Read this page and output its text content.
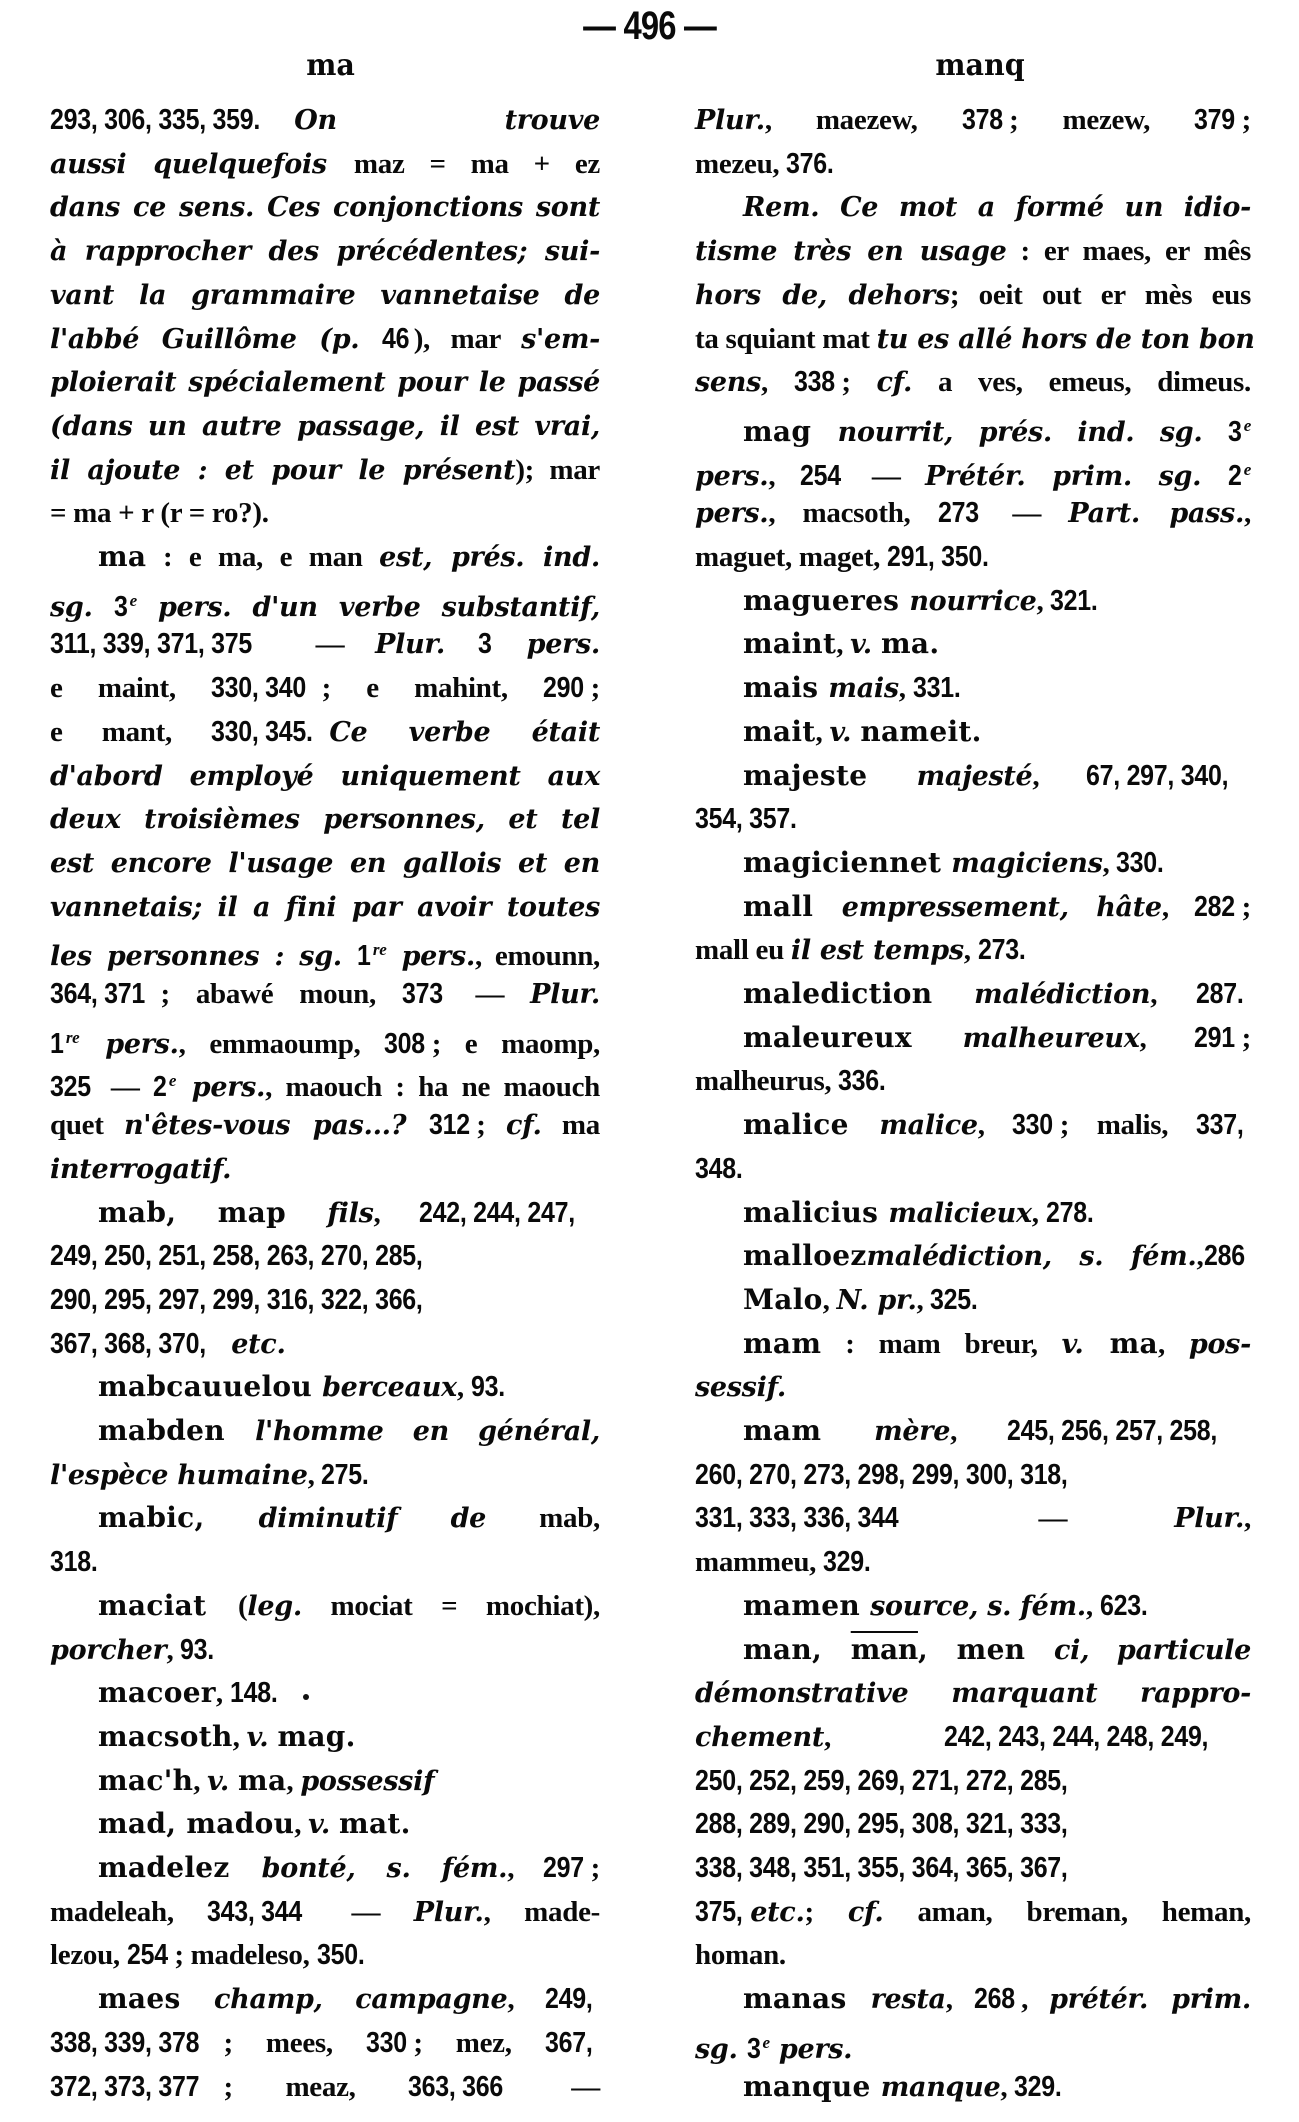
— 496 —
ma	manq
293, 306, 335, 359.On trouve
aussi quelquefois maz = ma + ez
dans ce sens. Ces conjonctions sont
à rapprocher des précédentes; sui-
vant la grammaire vannetaise de
l'abbé Guillôme (p. 46 ), mar s'em-
ploierait spécialement pour le passé
(dans un autre passage, il est vrai,
il ajoute : et pour le présent); mar
= ma + r (r = ro?).
ma : e ma, e man est, prés. ind.
sg. 3 $^e$ pers. d'un verbe substantif,
311, 339, 371, 375 — Plur. 3 pers.
e maint, 330, 340 ; e mahint, 290 ;
e mant, 330, 345.Ce verbe était
d'abord employé uniquement aux
deux troisièmes personnes, et tel
est encore l'usage en gallois et en
vannetais; il a fini par avoir toutes
les personnes : sg. 1 $^{re}$ pers., emounn,
364, 371 ; abawé moun, 373 — Plur.
1 $^{re}$ pers., emmaoump, 308 ; e maomp,
325 — 2 $^e$ pers., maouch : ha ne maouch
quet n'êtes-vous pas...? 312 ; cf. ma
interrogatif.
mab, map fils, 242, 244, 247,
249, 250, 251, 258, 263, 270, 285,
290, 295, 297, 299, 316, 322, 366,
367, 368, 370,etc.
mabcauuelou berceaux, 93.
mabden l'homme en général,
l'espèce humaine, 275.
mabic, diminutif de mab,
318.
maciat (leg. mociat = mochiat),
porcher, 93.
macoer, 148.
macsoth, v. mag.
mac'h, v. ma, possessif
mad, madou, v. mat.
madelez bonté, s. fém., 297 ;
madeleah, 343, 344 — Plur., made-
lezou, 254 ; madeleso, 350.
maes champ, campagne, 249,
338, 339, 378 ; mees, 330 ; mez, 367,
372, 373, 377 ; meaz, 363, 366 —
Plur., maezew, 378 ; mezew, 379 ;
mezeu, 376.
Rem. Ce mot a formé un idio-
tisme très en usage : er maes, er mês
hors de, dehors; oeit out er mès eus
ta squiant mat tu es allé hors de ton bon
sens, 338 ; cf. a ves, emeus, dimeus.
mag nourrit, prés. ind. sg. 3 $^e$
pers., 254 — Prétér. prim. sg. 2 $^e$
pers., macsoth, 273 — Part. pass.,
maguet, maget, 291, 350.
magueres nourrice, 321.
maint, v. ma.
mais mais, 331.
mait, v. nameit.
majeste majesté, 67, 297, 340,
354, 357.
magiciennet magiciens, 330.
mall empressement, hâte, 282 ;
mall eu il est temps, 273.
malediction malédiction, 287.
maleureux malheureux, 291 ;
malheurus, 336.
malice malice, 330 ; malis, 337,
348.
malicius malicieux, 278.
malloezmalédiction, s. fém.,286
Malo, N. pr., 325.
mam : mam breur, v. ma, pos-
sessif.
mam mère, 245, 256, 257, 258,
260, 270, 273, 298, 299, 300, 318,
331, 333, 336, 344 — Plur.,
mammeu, 329.
mamen source, s. fém., 623.
man, $\overline{man}$, men ci, particule
démonstrative marquant rappro-
chement, 242, 243, 244, 248, 249,
250, 252, 259, 269, 271, 272, 285,
288, 289, 290, 295, 308, 321, 333,
338, 348, 351, 355, 364, 365, 367,
375,etc.; cf. aman, breman, heman,
homan.
manas resta, 268 , prétér. prim.
sg. 3 $^e$ pers.
manque manque, 329.
